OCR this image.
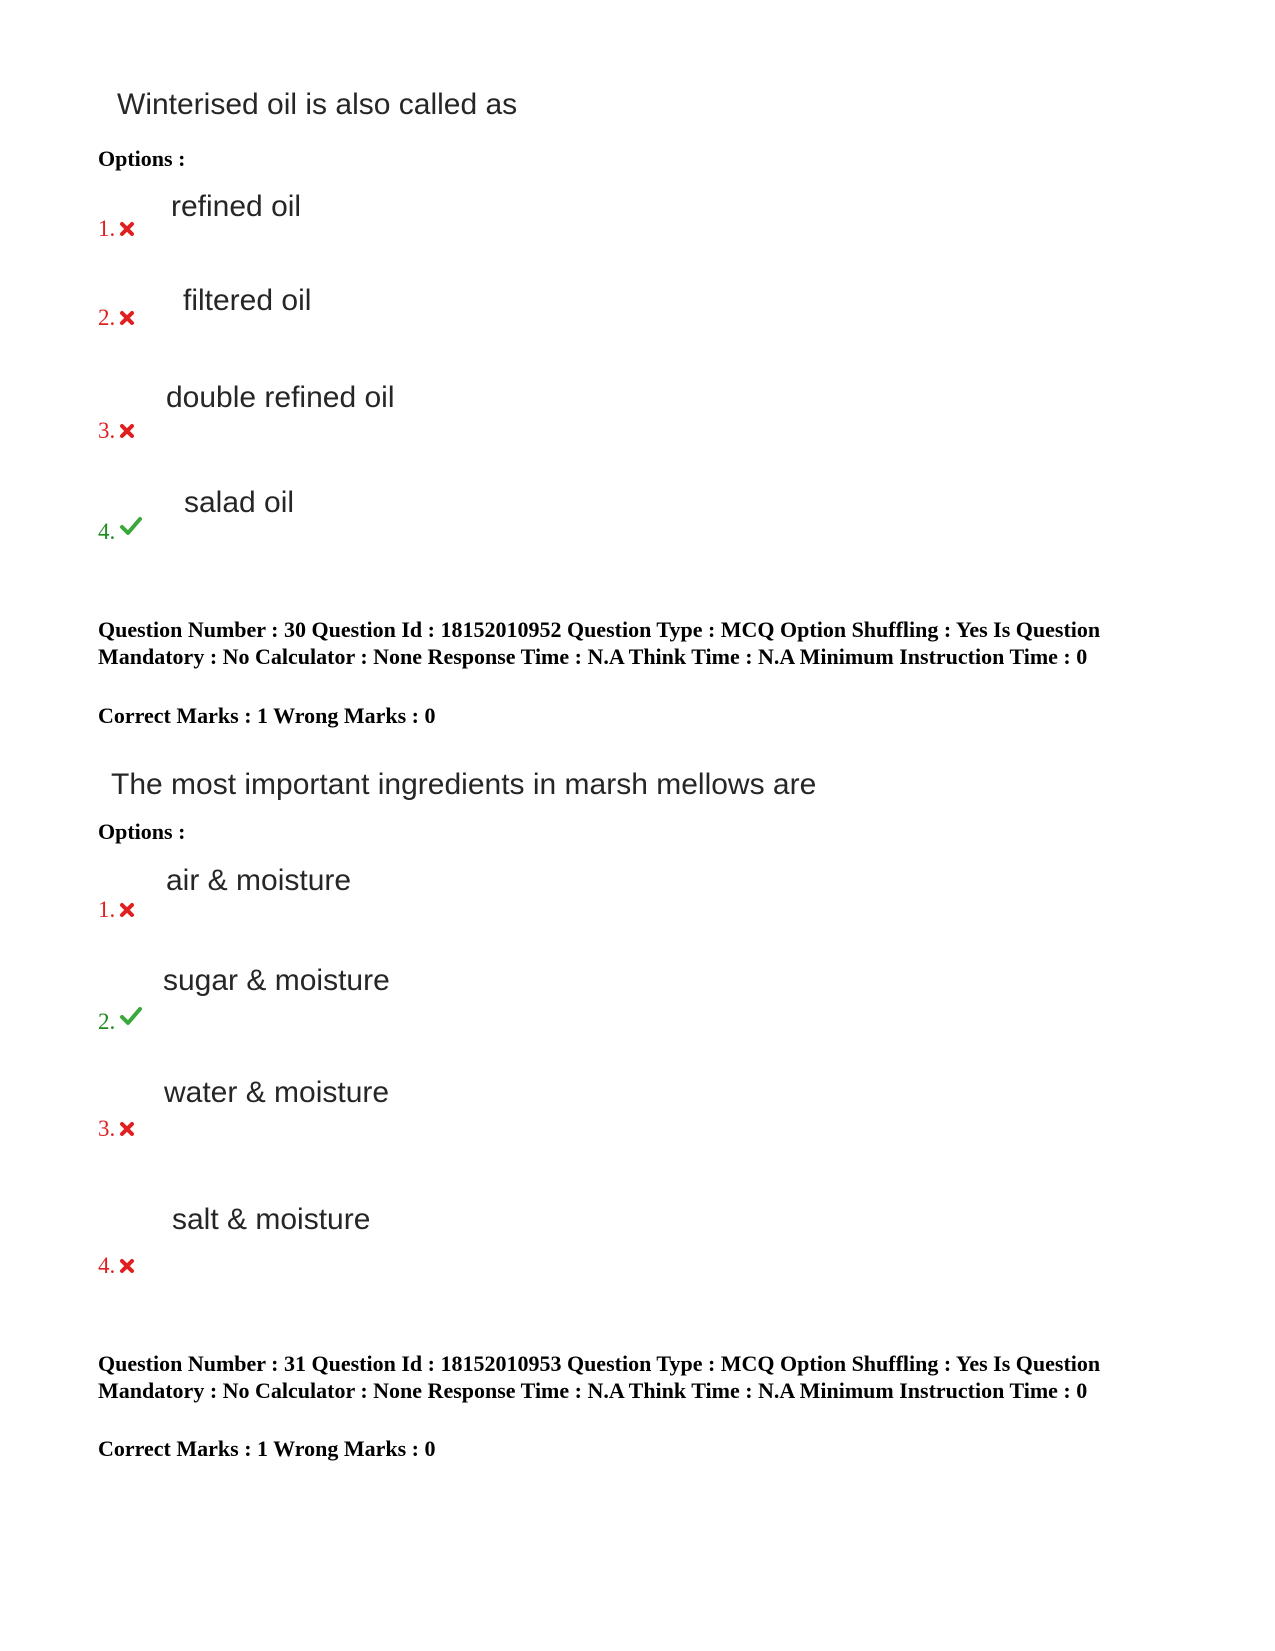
Winterised oil is also called as
Options :
refined oil
1.
filtered oil
2.
double refined oil
3.
salad oil
4.
Question Number : 30 Question Id : 18152010952 Question Type : MCQ Option Shuffling : Yes Is Question Mandatory : No Calculator : None Response Time : N.A Think Time : N.A Minimum Instruction Time : 0
Correct Marks : 1 Wrong Marks : 0
The most important ingredients in marsh mellows are
Options :
air & moisture
1.
sugar & moisture
2.
water & moisture
3.
salt & moisture
4.
Question Number : 31 Question Id : 18152010953 Question Type : MCQ Option Shuffling : Yes Is Question Mandatory : No Calculator : None Response Time : N.A Think Time : N.A Minimum Instruction Time : 0
Correct Marks : 1 Wrong Marks : 0
